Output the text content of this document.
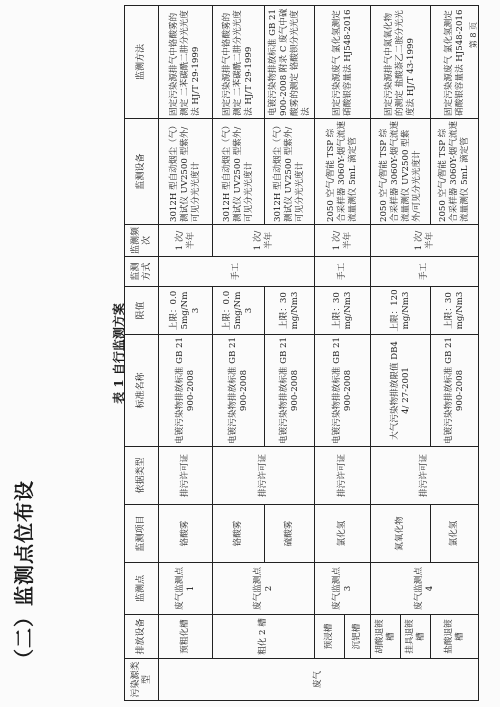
（二）监测点位布设
表 1 自行监测方案
污染源类型	排放设备	监测点	监测项目	依据类型	标准名称	限值	监测方式	监测频次	监测设备	监测方法
废气	预粗化槽	废气监测点 1	铬酸雾	排污许可证	电镀污染物排放标准 GB 21900-2008	上限：0.05mg/Nm3	手工	1 次/半年	3012H 型自动烟尘（气）测试仪 UV2500 型紫外/可见分光光度计	固定污染源排气中铬酸雾的测定 二苯碳酰二肼分光光度法 HJ/T 29-1999
	粗化 2 槽	废气监测点 2	铬酸雾	排污许可证	电镀污染物排放标准 GB 21900-2008	上限：0.05mg/Nm3		1 次/半年	3012H 型自动烟尘（气）测试仪 UV2500 型紫外/可见分光光度计	固定污染源排气中铬酸雾的测定 二苯碳酰二肼分光光度法 HJ/T 29-1999
			硫酸雾		电镀污染物排放标准 GB 21900-2008	上限：30mg/Nm3			3012H 型自动烟尘（气）测试仪 UV2500 型紫外/可见分光光度计	电镀污染物排放标准 GB 21900-2008 附录 C 废气中硫酸雾的测定 铬酸钡分光光度法
	预浸槽	废气监测点 3	氯化氢	排污许可证	电镀污染物排放标准 GB 21900-2008	上限：30mg/Nm3	手工	1 次/半年	2050 空气/智能 TSP 综合采样器 3060Y-烟气流速流量测仪 5mL 滴定管	固定污染源废气 氯化氢测定 硝酸银容量法 HJ548-2016
	沉钯槽									
	胡酸退镀槽	废气监测点 4	氮氧化物	排污许可证	大气污染物排放限值 DB44/ 27-2001	上限：120mg/Nm3	手工	1 次/半年	2050 空气/智能 TSP 综合采样器 3060Y-烟气流速流量测仪 UV2500 型紫外/可见分光光度计	固定污染源排气中氮氧化物的测定 盐酸萘乙二胺分光光度法 HJ/T 43-1999
	挂具退镀槽									
	盐酸退镀槽		氯化氢		电镀污染物排放标准 GB 21900-2008	上限：30mg/Nm3			2050 空气/智能 TSP 综合采样器 3060Y-烟气流速流量测仪 5mL 滴定管	固定污染源废气 氯化氢测定 硝酸银容量法 HJ548-2016 第 8 页
